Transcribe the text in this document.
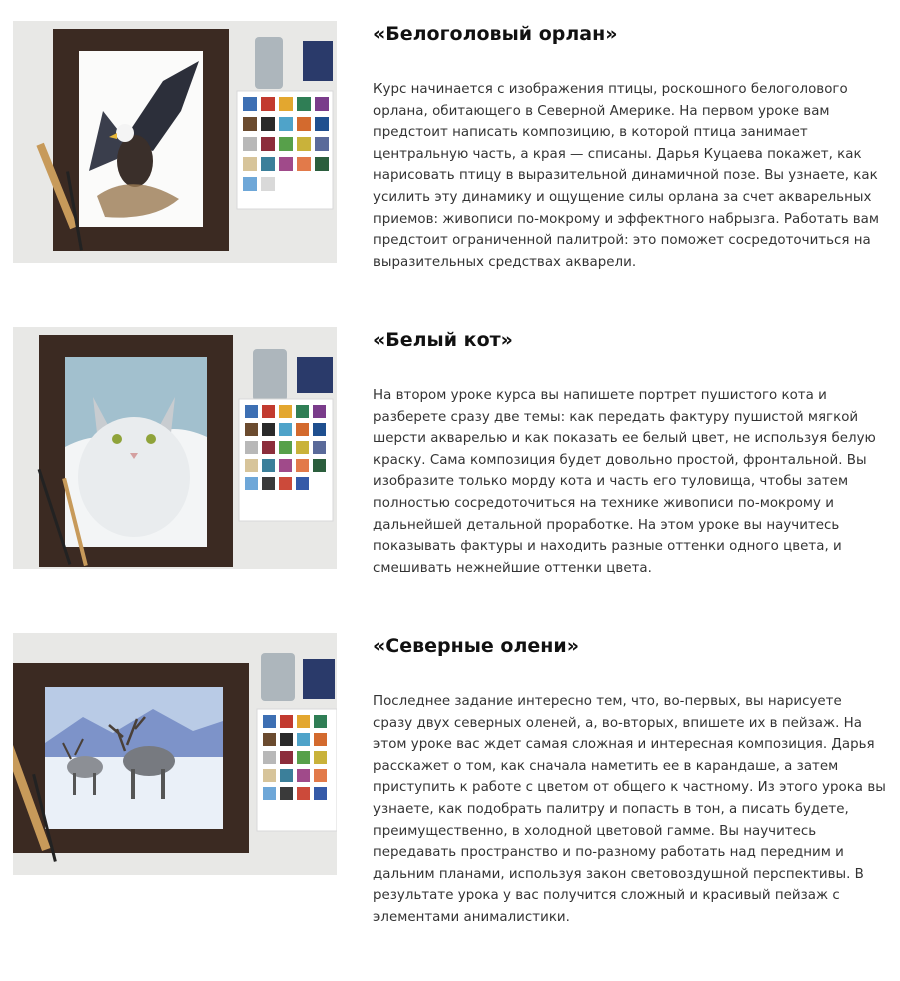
«Белоголовый орлан»

Курс начинается с изображения птицы, роскошного белоголового
орлана, обитающего в Северной Америке. На первом уроке вам
предстоит написать композицию, в которой птица занимает
центральную часть, а края — списаны. Дарья Куцаева покажет, как
нарисовать птицу в выразительной динамичной позе. Вы узнаете, как
усилить эту динамику и ощущение силы орлана за счет акварельных
приемов: живописи по-мокрому и эффектного набрызга. Работать вам
предстоит ограниченной палитрой: это поможет сосредоточиться на
выразительных средствах акварели.

«Белый кот»

На втором уроке курса вы напишете портрет пушистого кота и
разберете сразу две темы: как передать фактуру пушистой мягкой
шерсти акварелью и как показать ее белый цвет, не используя белую
краску. Сама композиция будет довольно простой, фронтальной. Вы
изобразите только морду кота и часть его туловища, чтобы затем
полностью сосредоточиться на технике живописи по-мокрому и
дальнейшей детальной проработке. На этом уроке вы научитесь
показывать фактуры и находить разные оттенки одного цвета, и
смешивать нежнейшие оттенки цвета.

«Северные олени»

Последнее задание интересно тем, что, во-первых, вы нарисуете
сразу двух северных оленей, а, во-вторых, впишете их в пейзаж. На
этом уроке вас ждет самая сложная и интересная композиция. Дарья
расскажет о том, как сначала наметить ее в карандаше, а затем
приступить к работе с цветом от общего к частному. Из этого урока вы
узнаете, как подобрать палитру и попасть в тон, а писать будете,
преимущественно, в холодной цветовой гамме. Вы научитесь
передавать пространство и по-разному работать над передним и
дальним планами, используя закон световоздушной перспективы. В
результате урока у вас получится сложный и красивый пейзаж с
элементами анималистики.
